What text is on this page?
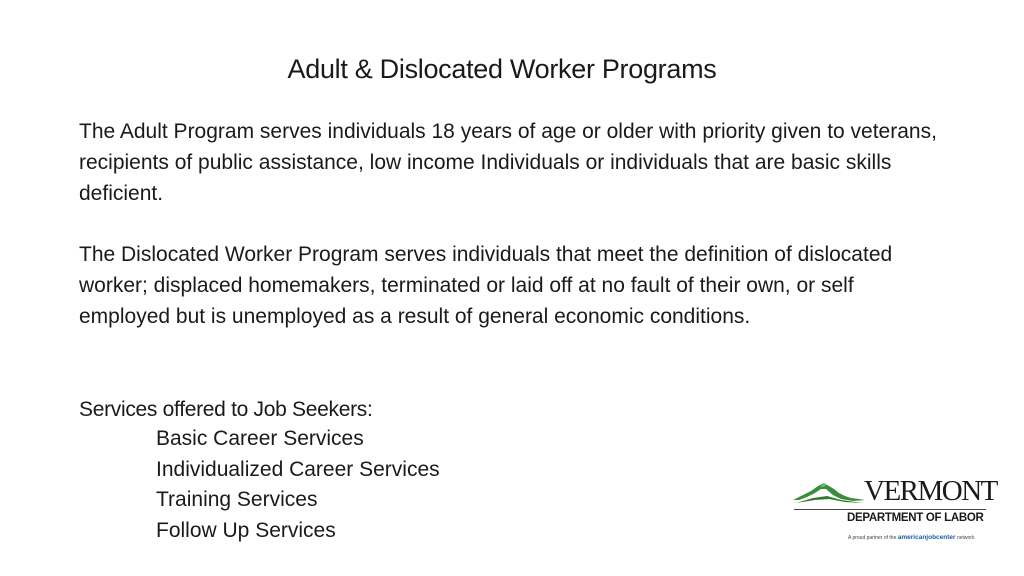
Adult & Dislocated Worker Programs
The Adult Program serves individuals 18 years of age or older with priority given to veterans, recipients of public assistance, low income Individuals or individuals that are basic skills deficient.
The Dislocated Worker Program serves individuals that meet the definition of dislocated worker; displaced homemakers, terminated or laid off at no fault of their own, or self employed but is unemployed as a result of general economic conditions.
Services offered to Job Seekers:
Basic Career Services
Individualized Career Services
Training Services
Follow Up Services
VERMONT
DEPARTMENT OF LABOR
A proud partner of the americanjobcenter network
